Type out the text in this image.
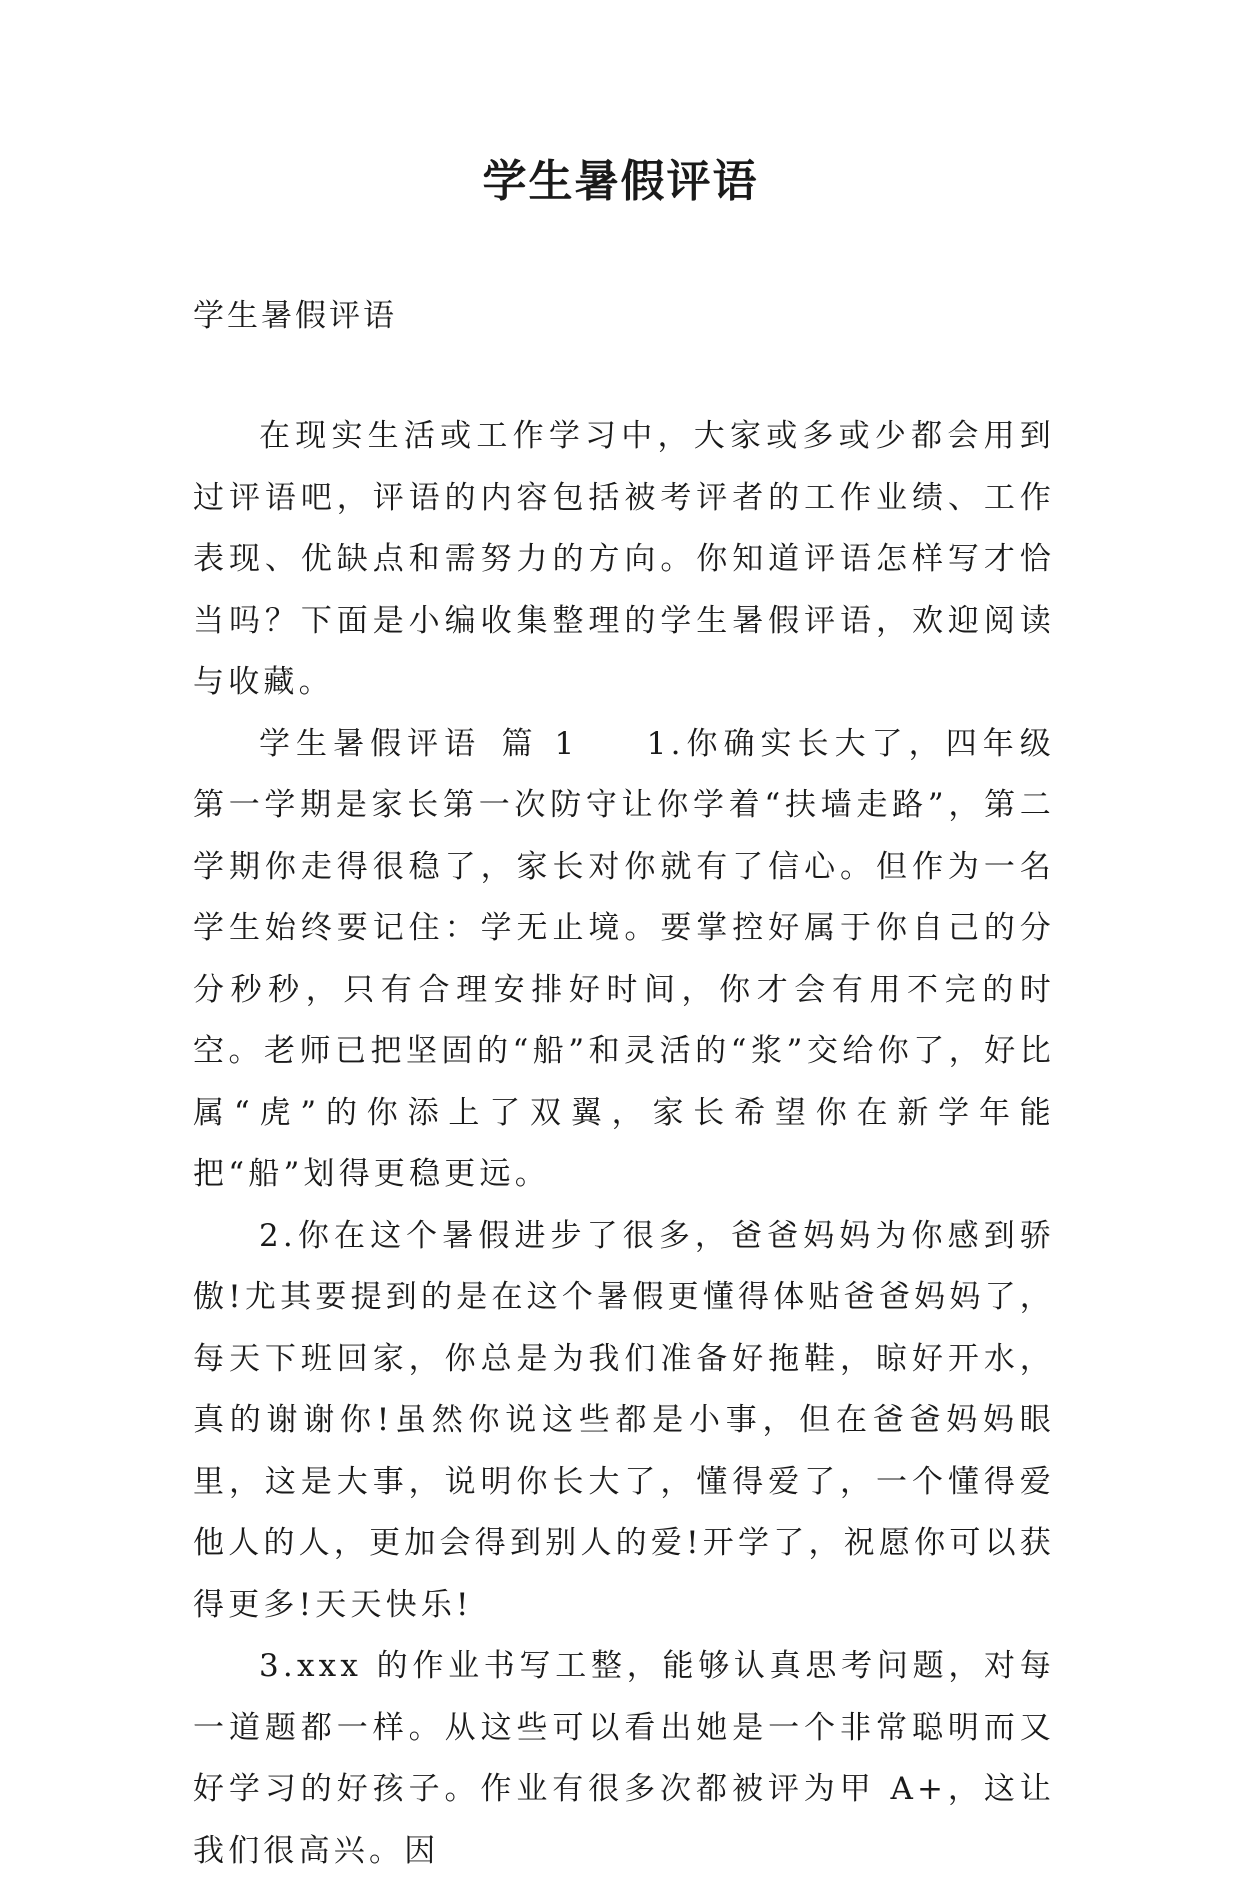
学生暑假评语

学生暑假评语

在现实生活或工作学习中，大家或多或少都会用到过评语吧，评语的内容包括被考评者的工作业绩、工作表现、优缺点和需努力的方向。你知道评语怎样写才恰当吗？下面是小编收集整理的学生暑假评语，欢迎阅读与收藏。

学生暑假评语 篇 1 1.你确实长大了，四年级第一学期是家长第一次防守让你学着“扶墙走路”，第二学期你走得很稳了，家长对你就有了信心。但作为一名学生始终要记住：学无止境。要掌控好属于你自己的分分秒秒，只有合理安排好时间，你才会有用不完的时空。老师已把坚固的“船”和灵活的“浆”交给你了，好比属“虎”的你添上了双翼，家长希望你在新学年能把“船”划得更稳更远。

2.你在这个暑假进步了很多，爸爸妈妈为你感到骄傲!尤其要提到的是在这个暑假更懂得体贴爸爸妈妈了，每天下班回家，你总是为我们准备好拖鞋，晾好开水，真的谢谢你!虽然你说这些都是小事，但在爸爸妈妈眼里，这是大事，说明你长大了，懂得爱了，一个懂得爱他人的人，更加会得到别人的爱!开学了，祝愿你可以获得更多!天天快乐!

3.xxx 的作业书写工整，能够认真思考问题，对每一道题都一样。从这些可以看出她是一个非常聪明而又好学习的好孩子。作业有很多次都被评为甲 A+，这让我们很高兴。因
